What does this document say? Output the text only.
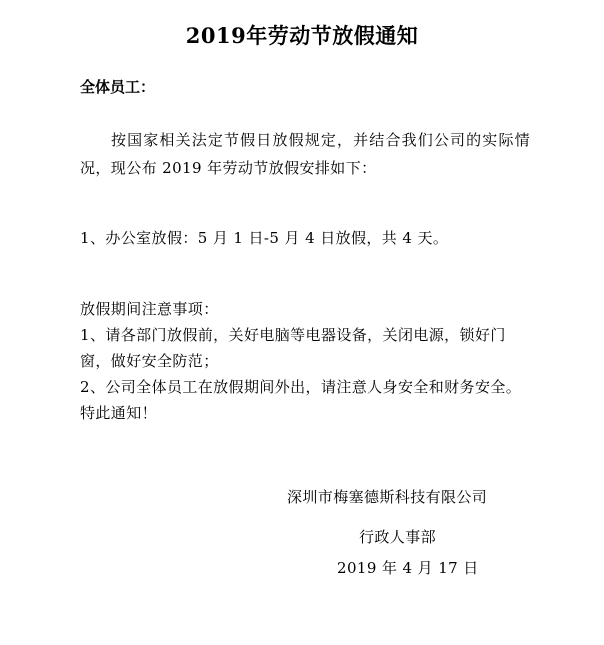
2019年劳动节放假通知
全体员工：
按国家相关法定节假日放假规定，并结合我们公司的实际情况，现公布 2019 年劳动节放假安排如下：
1、办公室放假：5 月 1 日-5 月 4 日放假，共 4 天。
放假期间注意事项：
1、请各部门放假前，关好电脑等电器设备，关闭电源，锁好门窗，做好安全防范；
2、公司全体员工在放假期间外出，请注意人身安全和财务安全。
特此通知！
深圳市梅塞德斯科技有限公司
行政人事部
2019 年 4 月 17 日
